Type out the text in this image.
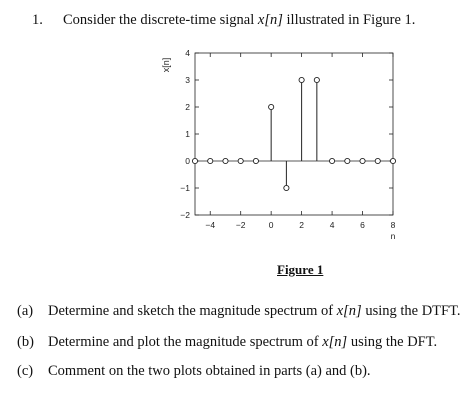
1. Consider the discrete-time signal x[n] illustrated in Figure 1.
−4 −2	0	2	4	6	8
−2
−1
0
1
2
3
4
n
x[n]
Figure 1
(a) Determine and sketch the magnitude spectrum of x[n] using the DTFT.
(b) Determine and plot the magnitude spectrum of x[n] using the DFT.
(c) Comment on the two plots obtained in parts (a) and (b).
